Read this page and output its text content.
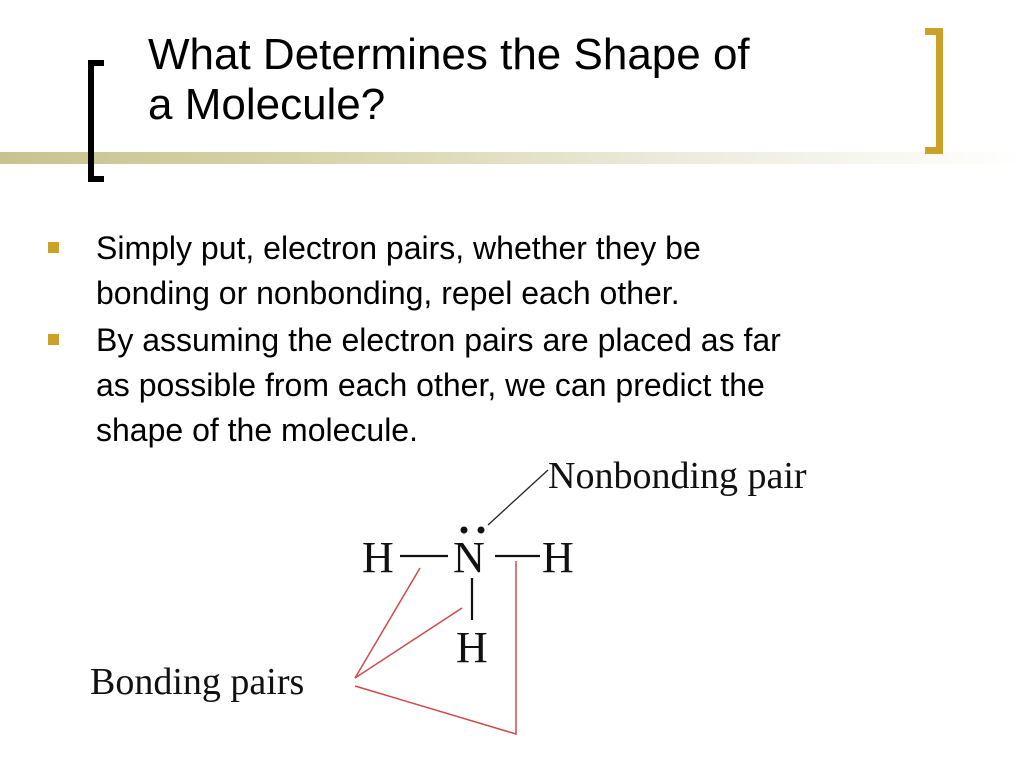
What Determines the Shape of
a Molecule?
Simply put, electron pairs, whether they be
bonding or nonbonding, repel each other.
By assuming the electron pairs are placed as far
as possible from each other, we can predict the
shape of the molecule.
H N H
H
Nonbonding pair
Bonding pairs
